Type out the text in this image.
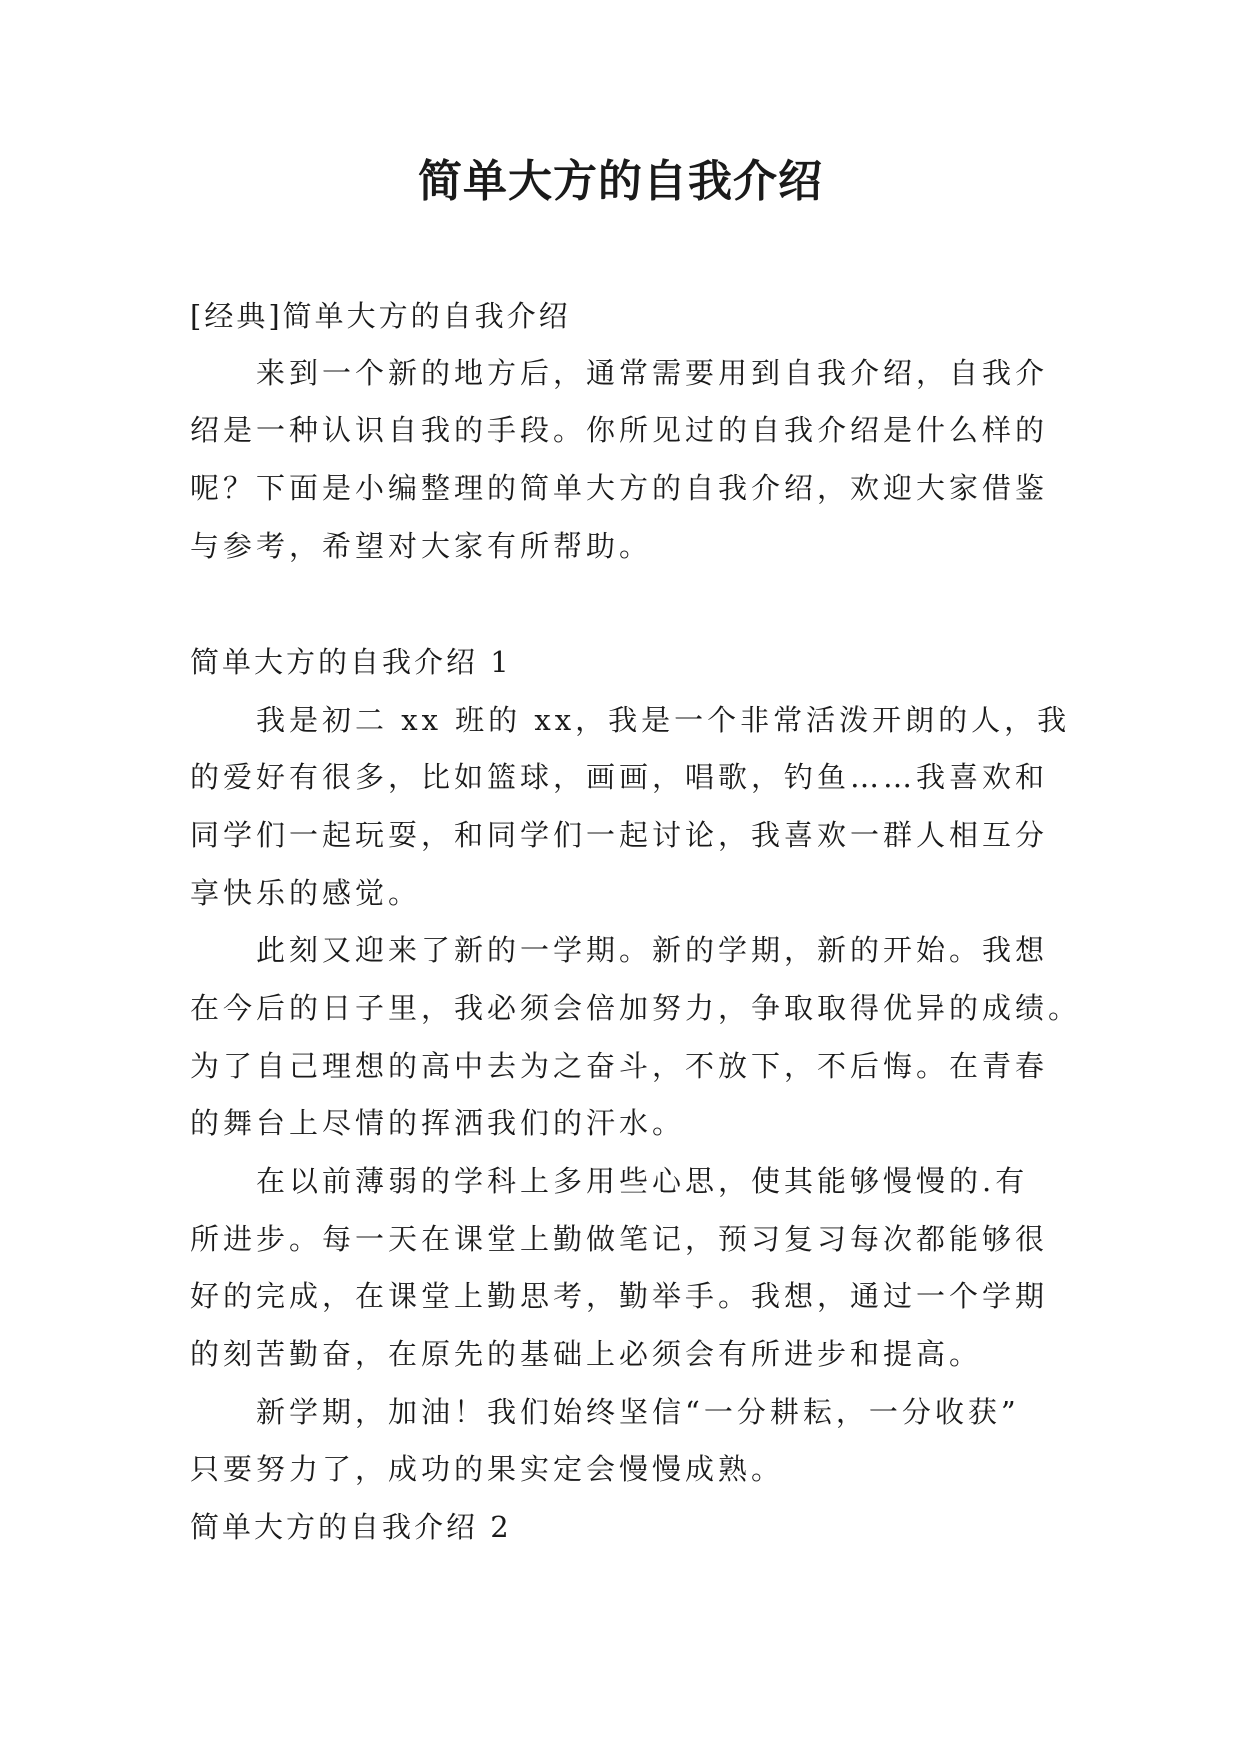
简单大方的自我介绍
[经典]简单大方的自我介绍
来到一个新的地方后，通常需要用到自我介绍，自我介
绍是一种认识自我的手段。你所见过的自我介绍是什么样的
呢？下面是小编整理的简单大方的自我介绍，欢迎大家借鉴
与参考，希望对大家有所帮助。
简单大方的自我介绍 1
我是初二 xx 班的 xx，我是一个非常活泼开朗的人，我
的爱好有很多，比如篮球，画画，唱歌，钓鱼……我喜欢和
同学们一起玩耍，和同学们一起讨论，我喜欢一群人相互分
享快乐的感觉。
此刻又迎来了新的一学期。新的学期，新的开始。我想
在今后的日子里，我必须会倍加努力，争取取得优异的成绩。
为了自己理想的高中去为之奋斗，不放下，不后悔。在青春
的舞台上尽情的挥洒我们的汗水。
在以前薄弱的学科上多用些心思，使其能够慢慢的.有
所进步。每一天在课堂上勤做笔记，预习复习每次都能够很
好的完成，在课堂上勤思考，勤举手。我想，通过一个学期
的刻苦勤奋，在原先的基础上必须会有所进步和提高。
新学期，加油！我们始终坚信“一分耕耘，一分收获”
只要努力了，成功的果实定会慢慢成熟。
简单大方的自我介绍 2
